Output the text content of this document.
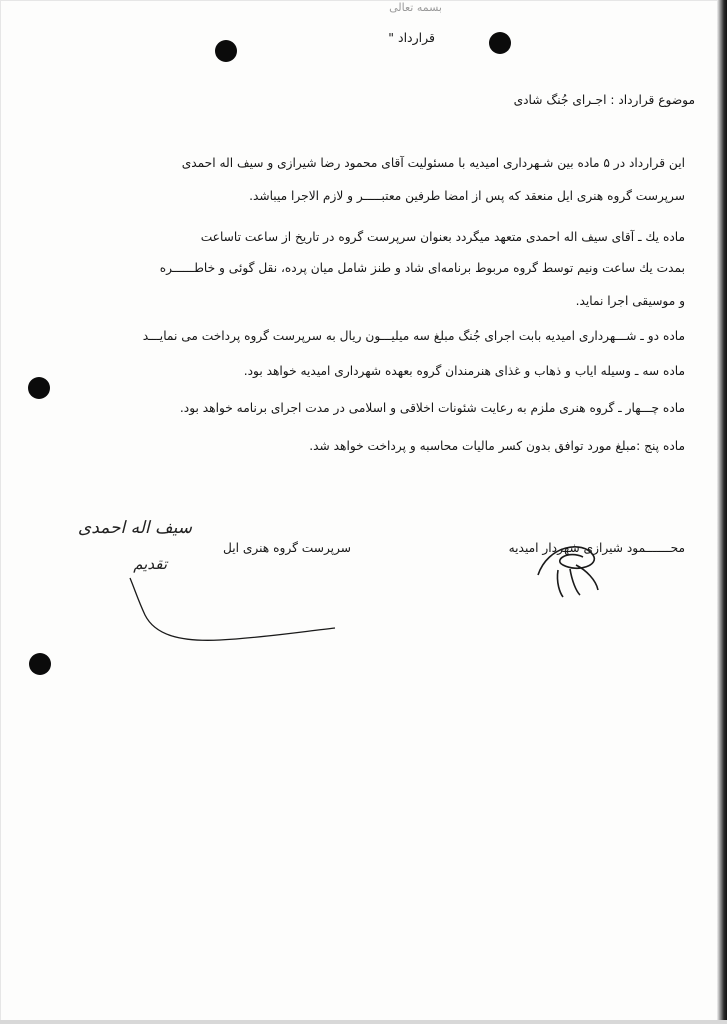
بسمه تعالی
قرارداد "
موضوع قرارداد : اجـرای جُنگ شادی
این قرارداد در ۵ ماده بین شـهرداری امیدیه با مسئولیت آقای محمود رضا شیرازی و سیف اله احمدی
سرپرست گروه هنری ایل منعقد که پس از امضا طرفین معتبـــــر و لازم الاجرا میباشد.
ماده یك ـ آقای سیف اله احمدی متعهد میگردد بعنوان سرپرست گروه در تاریخ از ساعت تاساعت
بمدت یك ساعت ونیم توسط گروه مربوط برنامه‌ای شاد و طنز شامل میان پرده، نقل گوئی و خاطــــــره
و موسیقی اجرا نماید.
ماده دو ـ شـــهرداری امیدیه بابت اجرای جُنگ مبلغ سه میلیـــون ریال به سرپرست گروه پرداخت می نمایـــد
ماده سه ـ وسیله ایاب و ذهاب و غذای هنرمندان گروه بعهده شهرداری امیدیه خواهد بود.
ماده چـــهار ـ گروه هنری ملزم به رعایت شئونات اخلاقی و اسلامی در مدت اجرای برنامه خواهد بود.
ماده پنج :مبلغ مورد توافق بدون کسر مالیات محاسبه و پرداخت خواهد شد.
محـــــــمود شیرازی شهردار امیدیه
سرپرست گروه هنری ایل
سیف اله احمدی
تقدیم
